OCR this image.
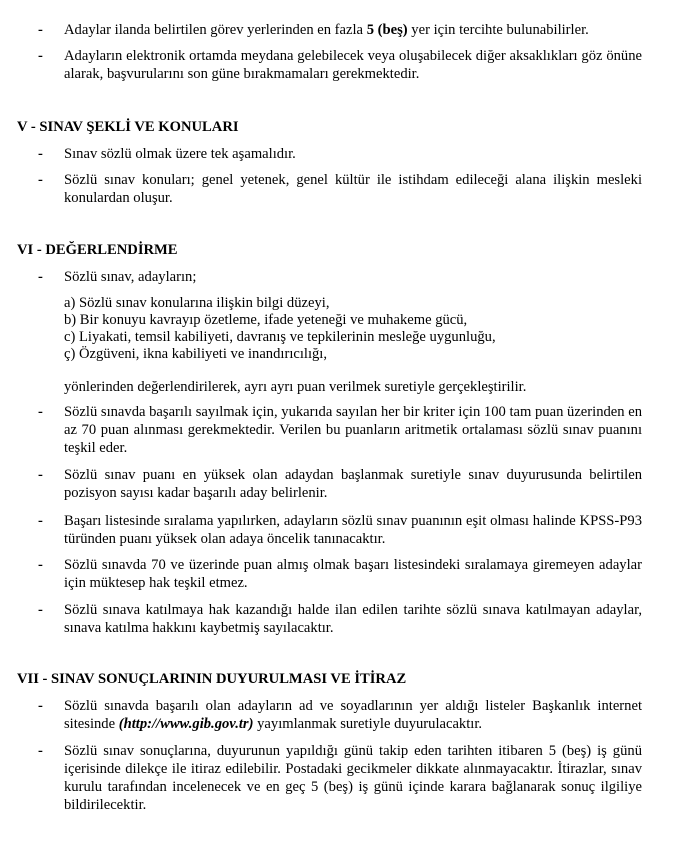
- Adaylar ilanda belirtilen görev yerlerinden en fazla 5 (beş) yer için tercihte bulunabilirler.
- Adayların elektronik ortamda meydana gelebilecek veya oluşabilecek diğer aksaklıkları göz önüne alarak, başvurularını son güne bırakmamaları gerekmektedir.
V - SINAV ŞEKLİ VE KONULARI
- Sınav sözlü olmak üzere tek aşamalıdır.
- Sözlü sınav konuları; genel yetenek, genel kültür ile istihdam edileceği alana ilişkin mesleki konulardan oluşur.
VI - DEĞERLENDİRME
- Sözlü sınav, adayların;
a) Sözlü sınav konularına ilişkin bilgi düzeyi,
b) Bir konuyu kavrayıp özetleme, ifade yeteneği ve muhakeme gücü,
c) Liyakati, temsil kabiliyeti, davranış ve tepkilerinin mesleğe uygunluğu,
ç) Özgüveni, ikna kabiliyeti ve inandırıcılığı,
yönlerinden değerlendirilerek, ayrı ayrı puan verilmek suretiyle gerçekleştirilir.
- Sözlü sınavda başarılı sayılmak için, yukarıda sayılan her bir kriter için 100 tam puan üzerinden en az 70 puan alınması gerekmektedir. Verilen bu puanların aritmetik ortalaması sözlü sınav puanını teşkil eder.
- Sözlü sınav puanı en yüksek olan adaydan başlanmak suretiyle sınav duyurusunda belirtilen pozisyon sayısı kadar başarılı aday belirlenir.
- Başarı listesinde sıralama yapılırken, adayların sözlü sınav puanının eşit olması halinde KPSS-P93 türünden puanı yüksek olan adaya öncelik tanınacaktır.
- Sözlü sınavda 70 ve üzerinde puan almış olmak başarı listesindeki sıralamaya giremeyen adaylar için müktesep hak teşkil etmez.
- Sözlü sınava katılmaya hak kazandığı halde ilan edilen tarihte sözlü sınava katılmayan adaylar, sınava katılma hakkını kaybetmiş sayılacaktır.
VII - SINAV SONUÇLARININ DUYURULMASI VE İTİRAZ
- Sözlü sınavda başarılı olan adayların ad ve soyadlarının yer aldığı listeler Başkanlık internet sitesinde (http://www.gib.gov.tr) yayımlanmak suretiyle duyurulacaktır.
- Sözlü sınav sonuçlarına, duyurunun yapıldığı günü takip eden tarihten itibaren 5 (beş) iş günü içerisinde dilekçe ile itiraz edilebilir. Postadaki gecikmeler dikkate alınmayacaktır. İtirazlar, sınav kurulu tarafından incelenecek ve en geç 5 (beş) iş günü içinde karara bağlanarak sonuç ilgiliye bildirilecektir.
